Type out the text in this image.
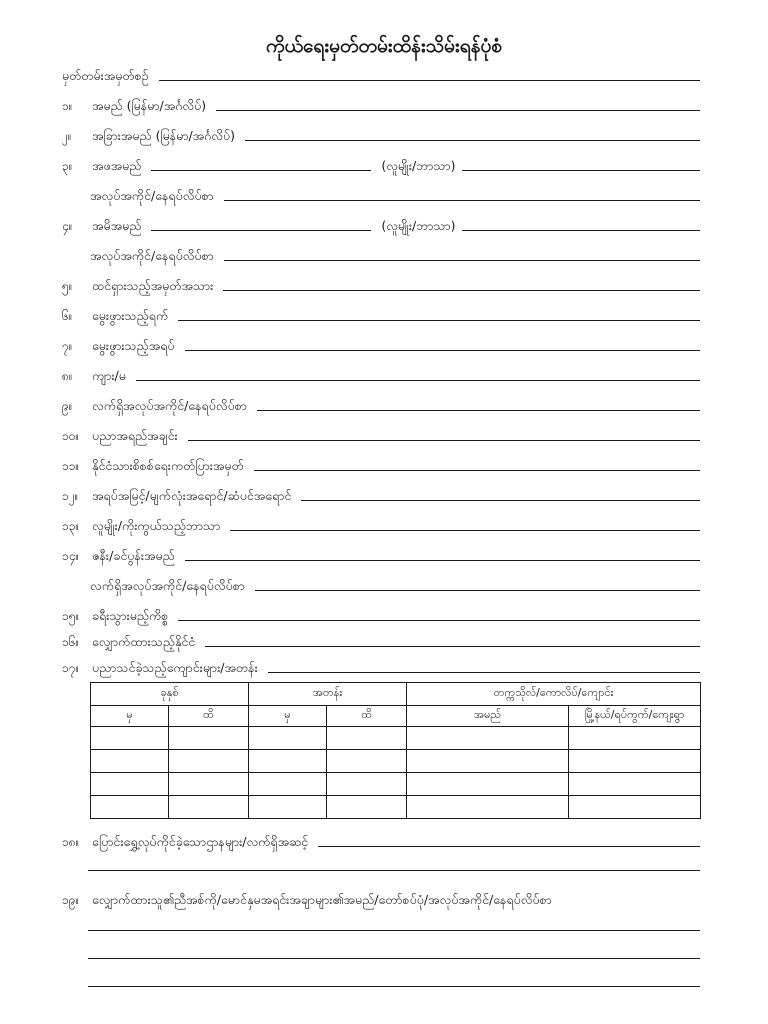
ကိုယ်ရေးမှတ်တမ်းထိန်းသိမ်းရန်ပုံစံ
မှတ်တမ်းအမှတ်စဉ်
၁။	အမည် (မြန်မာ/အင်္ဂလိပ်)
၂။	အခြားအမည် (မြန်မာ/အင်္ဂလိပ်)
၃။	အဖအမည်	(လူမျိုး/ဘာသာ)
အလုပ်အကိုင်/နေရပ်လိပ်စာ
၄။	အမိအမည်	(လူမျိုး/ဘာသာ)
အလုပ်အကိုင်/နေရပ်လိပ်စာ
၅။	ထင်ရှားသည့်အမှတ်အသား
၆။	မွေးဖွားသည့်ရက်
၇။	မွေးဖွားသည့်အရပ်
၈။	ကျား/မ
၉။	လက်ရှိအလုပ်အကိုင်/နေရပ်လိပ်စာ
၁၀။	ပညာအရည်အချင်း
၁၁။	နိုင်ငံသားစိစစ်ရေးကတ်ပြားအမှတ်
၁၂။	အရပ်အမြင့်/မျက်လုံးအရောင်/ဆံပင်အရောင်
၁၃။	လူမျိုး/ကိုးကွယ်သည့်ဘာသာ
၁၄။	ဇနီး/ခင်ပွန်းအမည်
လက်ရှိအလုပ်အကိုင်/နေရပ်လိပ်စာ
၁၅။	ခရီးသွားမည့်ကိစ္စ
၁၆။	လျှောက်ထားသည့်နိုင်ငံ
၁၇။	ပညာသင်ခဲ့သည့်ကျောင်းများ/အတန်း
ခုနှစ်		အတန်း		တက္ကသိုလ်/ကောလိပ်/ကျောင်း	
မှ	ထိ	မှ	ထိ	အမည်	မြို့နယ်/ရပ်ကွက်/ကျေးရွာ

၁၈။	ပြောင်းရွှေ့လုပ်ကိုင်ခဲ့သောဌာနများ/လက်ရှိအဆင့်
၁၉။	လျှောက်ထားသူ၏ညီအစ်ကို/မောင်နှမအရင်းအချာများ၏အမည်/တော်စပ်ပုံ/အလုပ်အကိုင်/နေရပ်လိပ်စာ
